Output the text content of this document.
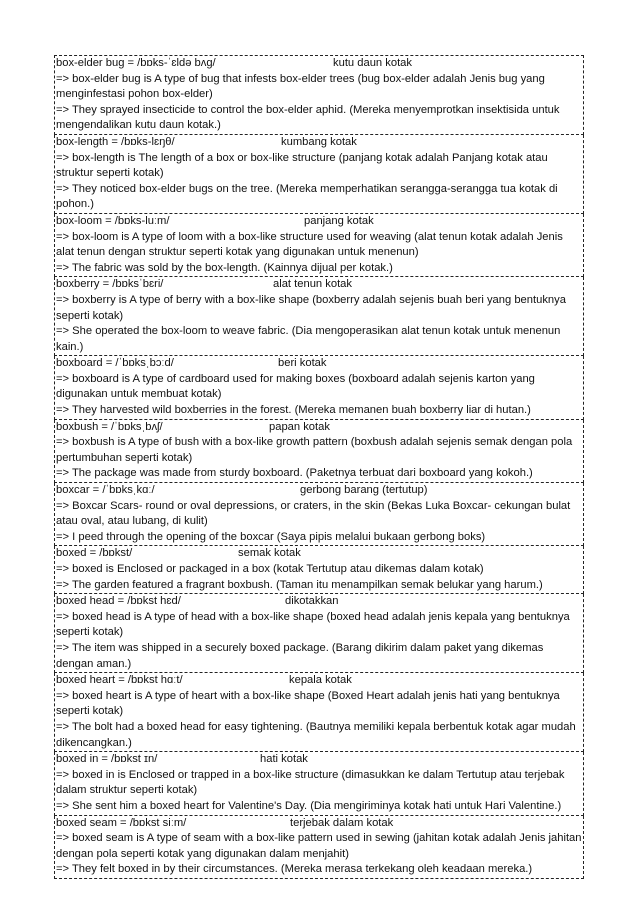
box-elder bug = /bɒks-ˈɛldə bʌɡ/	kutu daun kotak
=> box-elder bug is A type of bug that infests box-elder trees (bug box-elder adalah Jenis bug yang menginfestasi pohon box-elder)
=> They sprayed insecticide to control the box-elder aphid. (Mereka menyemprotkan insektisida untuk mengendalikan kutu daun kotak.)
box-length = /bɒks-lɛŋθ/	kumbang kotak
=> box-length is The length of a box or box-like structure (panjang kotak adalah Panjang kotak atau struktur seperti kotak)
=> They noticed box-elder bugs on the tree. (Mereka memperhatikan serangga-serangga tua kotak di pohon.)
box-loom = /bɒks-luːm/	panjang kotak
=> box-loom is A type of loom with a box-like structure used for weaving (alat tenun kotak adalah Jenis alat tenun dengan struktur seperti kotak yang digunakan untuk menenun)
=> The fabric was sold by the box-length. (Kainnya dijual per kotak.)
boxberry = /bɒksˈbɛri/	alat tenun kotak
=> boxberry is A type of berry with a box-like shape (boxberry adalah sejenis buah beri yang bentuknya seperti kotak)
=> She operated the box-loom to weave fabric. (Dia mengoperasikan alat tenun kotak untuk menenun kain.)
boxboard = /ˈbɒksˌbɔːd/	beri kotak
=> boxboard is A type of cardboard used for making boxes (boxboard adalah sejenis karton yang digunakan untuk membuat kotak)
=> They harvested wild boxberries in the forest. (Mereka memanen buah boxberry liar di hutan.)
boxbush = /ˈbɒksˌbʌʃ/	papan kotak
=> boxbush is A type of bush with a box-like growth pattern (boxbush adalah sejenis semak dengan pola pertumbuhan seperti kotak)
=> The package was made from sturdy boxboard. (Paketnya terbuat dari boxboard yang kokoh.)
boxcar = /ˈbɒksˌkɑː/	gerbong barang (tertutup)
=> Boxcar Scars- round or oval depressions, or craters, in the skin (Bekas Luka Boxcar- cekungan bulat atau oval, atau lubang, di kulit)
=> I peed through the opening of the boxcar (Saya pipis melalui bukaan gerbong boks)
boxed = /bɒkst/	semak kotak
=> boxed is Enclosed or packaged in a box (kotak Tertutup atau dikemas dalam kotak)
=> The garden featured a fragrant boxbush. (Taman itu menampilkan semak belukar yang harum.)
boxed head = /bɒkst hɛd/	dikotakkan
=> boxed head is A type of head with a box-like shape (boxed head adalah jenis kepala yang bentuknya seperti kotak)
=> The item was shipped in a securely boxed package. (Barang dikirim dalam paket yang dikemas dengan aman.)
boxed heart = /bɒkst hɑːt/	kepala kotak
=> boxed heart is A type of heart with a box-like shape (Boxed Heart adalah jenis hati yang bentuknya seperti kotak)
=> The bolt had a boxed head for easy tightening. (Bautnya memiliki kepala berbentuk kotak agar mudah dikencangkan.)
boxed in = /bɒkst ɪn/	hati kotak
=> boxed in is Enclosed or trapped in a box-like structure (dimasukkan ke dalam Tertutup atau terjebak dalam struktur seperti kotak)
=> She sent him a boxed heart for Valentine's Day. (Dia mengiriminya kotak hati untuk Hari Valentine.)
boxed seam = /bɒkst siːm/	terjebak dalam kotak
=> boxed seam is A type of seam with a box-like pattern used in sewing (jahitan kotak adalah Jenis jahitan dengan pola seperti kotak yang digunakan dalam menjahit)
=> They felt boxed in by their circumstances. (Mereka merasa terkekang oleh keadaan mereka.)
